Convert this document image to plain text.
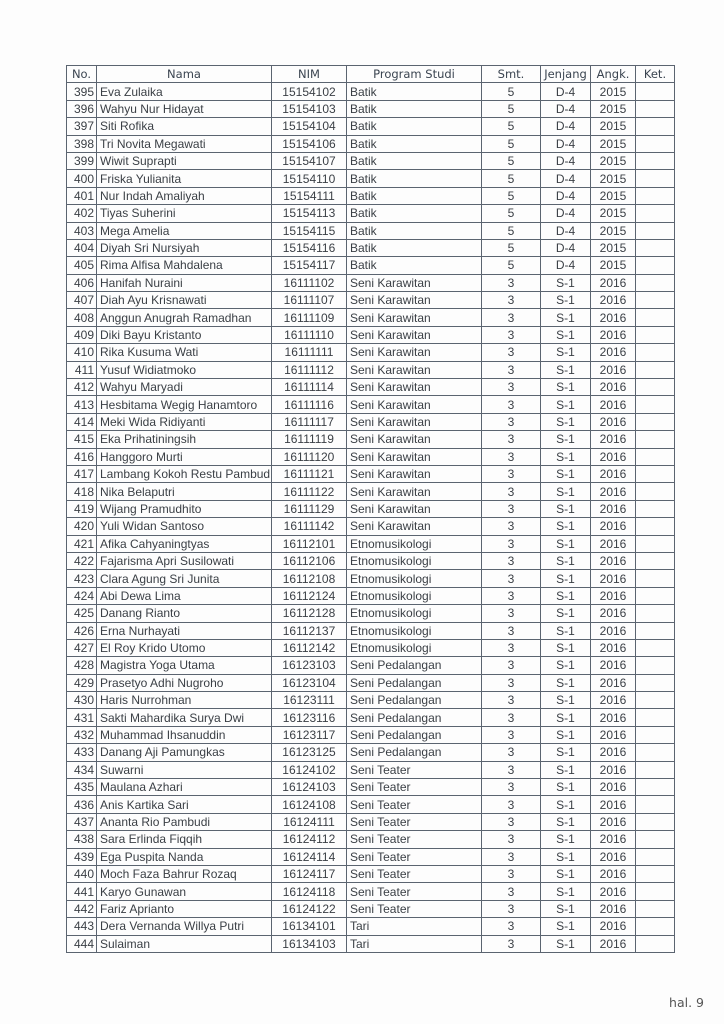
No.	Nama	NIM	Program Studi	Smt.	Jenjang	Angk.	Ket.
395	Eva Zulaika	15154102	Batik	5	D-4	2015	
396	Wahyu Nur Hidayat	15154103	Batik	5	D-4	2015	
397	Siti Rofika	15154104	Batik	5	D-4	2015	
398	Tri Novita Megawati	15154106	Batik	5	D-4	2015	
399	Wiwit Suprapti	15154107	Batik	5	D-4	2015	
400	Friska Yulianita	15154110	Batik	5	D-4	2015	
401	Nur Indah Amaliyah	15154111	Batik	5	D-4	2015	
402	Tiyas Suherini	15154113	Batik	5	D-4	2015	
403	Mega Amelia	15154115	Batik	5	D-4	2015	
404	Diyah Sri Nursiyah	15154116	Batik	5	D-4	2015	
405	Rima Alfisa Mahdalena	15154117	Batik	5	D-4	2015	
406	Hanifah Nuraini	16111102	Seni Karawitan	3	S-1	2016	
407	Diah Ayu Krisnawati	16111107	Seni Karawitan	3	S-1	2016	
408	Anggun Anugrah Ramadhan	16111109	Seni Karawitan	3	S-1	2016	
409	Diki Bayu Kristanto	16111110	Seni Karawitan	3	S-1	2016	
410	Rika Kusuma Wati	16111111	Seni Karawitan	3	S-1	2016	
411	Yusuf Widiatmoko	16111112	Seni Karawitan	3	S-1	2016	
412	Wahyu Maryadi	16111114	Seni Karawitan	3	S-1	2016	
413	Hesbitama Wegig Hanamtoro	16111116	Seni Karawitan	3	S-1	2016	
414	Meki Wida Ridiyanti	16111117	Seni Karawitan	3	S-1	2016	
415	Eka Prihatiningsih	16111119	Seni Karawitan	3	S-1	2016	
416	Hanggoro Murti	16111120	Seni Karawitan	3	S-1	2016	
417	Lambang Kokoh Restu Pambud	16111121	Seni Karawitan	3	S-1	2016	
418	Nika Belaputri	16111122	Seni Karawitan	3	S-1	2016	
419	Wijang Pramudhito	16111129	Seni Karawitan	3	S-1	2016	
420	Yuli Widan Santoso	16111142	Seni Karawitan	3	S-1	2016	
421	Afika Cahyaningtyas	16112101	Etnomusikologi	3	S-1	2016	
422	Fajarisma Apri Susilowati	16112106	Etnomusikologi	3	S-1	2016	
423	Clara Agung Sri Junita	16112108	Etnomusikologi	3	S-1	2016	
424	Abi Dewa Lima	16112124	Etnomusikologi	3	S-1	2016	
425	Danang Rianto	16112128	Etnomusikologi	3	S-1	2016	
426	Erna Nurhayati	16112137	Etnomusikologi	3	S-1	2016	
427	El Roy Krido Utomo	16112142	Etnomusikologi	3	S-1	2016	
428	Magistra Yoga Utama	16123103	Seni Pedalangan	3	S-1	2016	
429	Prasetyo Adhi Nugroho	16123104	Seni Pedalangan	3	S-1	2016	
430	Haris Nurrohman	16123111	Seni Pedalangan	3	S-1	2016	
431	Sakti Mahardika Surya Dwi	16123116	Seni Pedalangan	3	S-1	2016	
432	Muhammad Ihsanuddin	16123117	Seni Pedalangan	3	S-1	2016	
433	Danang Aji Pamungkas	16123125	Seni Pedalangan	3	S-1	2016	
434	Suwarni	16124102	Seni Teater	3	S-1	2016	
435	Maulana Azhari	16124103	Seni Teater	3	S-1	2016	
436	Anis Kartika Sari	16124108	Seni Teater	3	S-1	2016	
437	Ananta Rio Pambudi	16124111	Seni Teater	3	S-1	2016	
438	Sara Erlinda Fiqqih	16124112	Seni Teater	3	S-1	2016	
439	Ega Puspita Nanda	16124114	Seni Teater	3	S-1	2016	
440	Moch Faza Bahrur Rozaq	16124117	Seni Teater	3	S-1	2016	
441	Karyo Gunawan	16124118	Seni Teater	3	S-1	2016	
442	Fariz Aprianto	16124122	Seni Teater	3	S-1	2016	
443	Dera Vernanda Willya Putri	16134101	Tari	3	S-1	2016	
444	Sulaiman	16134103	Tari	3	S-1	2016	
hal. 9
